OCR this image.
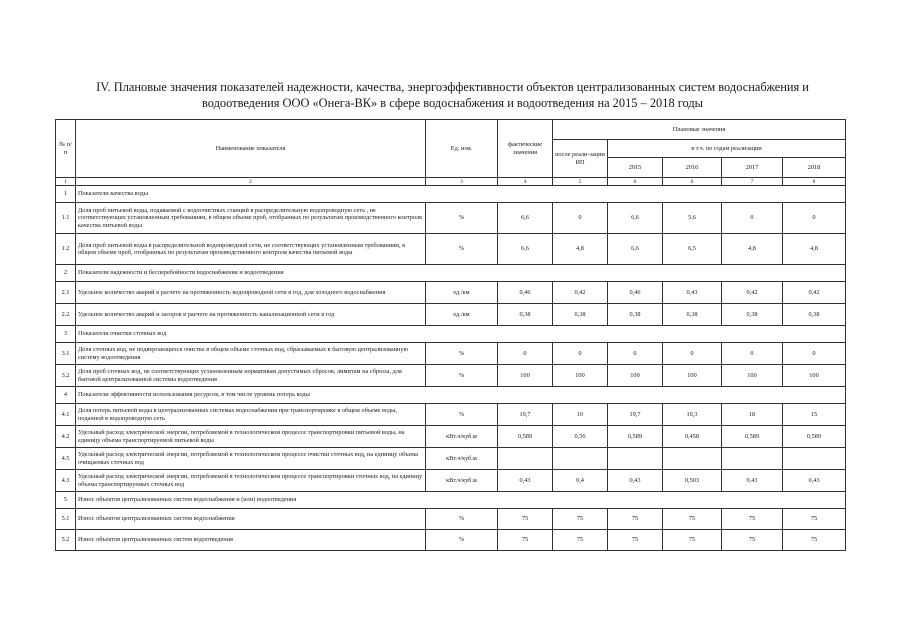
IV. Плановые значения показателей надежности, качества, энергоэффективности объектов централизованных систем водоснабжения и
водоотведения ООО «Онега-ВК» в сфере водоснабжения и водоотведения на 2015 – 2018 годы
№ п/п	Наименование показателя	Ед. изм.	фактические значения	Плановые значения				
				после реали-зации ИП	в т.ч. по годам реализации			
					2015	2016	2017	2018
1	2	3	4	5	6	6	7	8
1	Показатели качества воды							
1.1	Доля проб питьевой воды, подаваемой с водоочистных станций в распределительную водопроводную сеть , не соответствующих установленным требованиям, в общем объеме проб, отобранных по результатам производственного контроля качества питьевой воды	%	6,6	0	6,6	5,6	0	0
1.2	Доля проб питьевой воды в распределительной водопроводной сети, не соответствующих установленным требованиям, в общем объеме проб, отобранных по результатам производственного контроля качества питьевой воды	%	6,6	4,8	6,6	6,5	4,8	4,8
2	Показатели надежности и бесперебойности водоснабжения и водоотведения							
2.1	Удельное количество аварий в расчете на протяженность водопроводной сети в год, для холодного водоснабжения	ед./км	0,46	0,42	0,46	0,43	0,42	0,42
2.2	Удельное количество аварий и засоров в расчете на протяженность канализационной сети в год	ед./км	0,38	0,38	0,38	0,38	0,38	0,38
3	Показатели очистки сточных вод							
3.1	Доля сточных вод, не подвергающихся очистке в общем объеме сточных вод, сбрасываемых в бытовую централизованную систему водоотведения	%	0	0	0	0	0	0
3.2	Доля проб сточных вод, не соответствующих установленным нормативам допустимых сбросов, лимитам на сбросы, для бытовой централизованной системы водоотведения	%	100	100	100	100	100	100
4	Показатели эффективности использования ресурсов, в том числе уровень потерь воды							
4.1	Доля потерь питьевой воды в централизованных системах водоснабжения при транспортировке в общем объеме воды, поданной в водопроводную сеть	%	19,7	10	19,7	19,3	18	15
4.2	Удельный расход электрической энергии, потребляемой в технологическом процессе транспортировки питьевой воды, на единицу объема транспортируемой питьевой воды	кВт.ч/куб.м	0,589	0,56	0,589	0,458	0,589	0,589
4.5	Удельный расход электрической энергии, потребляемой в технологическом процессе очистки сточных вод, на единицу объема очищаемых сточных вод	кВт.ч/куб.м						
4.3	Удельный расход электрической энергии, потребляемой в технологическом процессе транспортировки сточных вод, на единицу объема транспортируемых сточных вод	кВт.ч/куб.м	0,43	0,4	0,43	0,503	0,43	0,43
5	Износ объектов централизованных систем водоснабжения и (или) водоотведения							
5.1	Износ объектов централизованных систем водоснабжения	%	75	75	75	75	75	75
5.2	Износ объектов централизованных систем водоотведения	%	75	75	75	75	75	75
